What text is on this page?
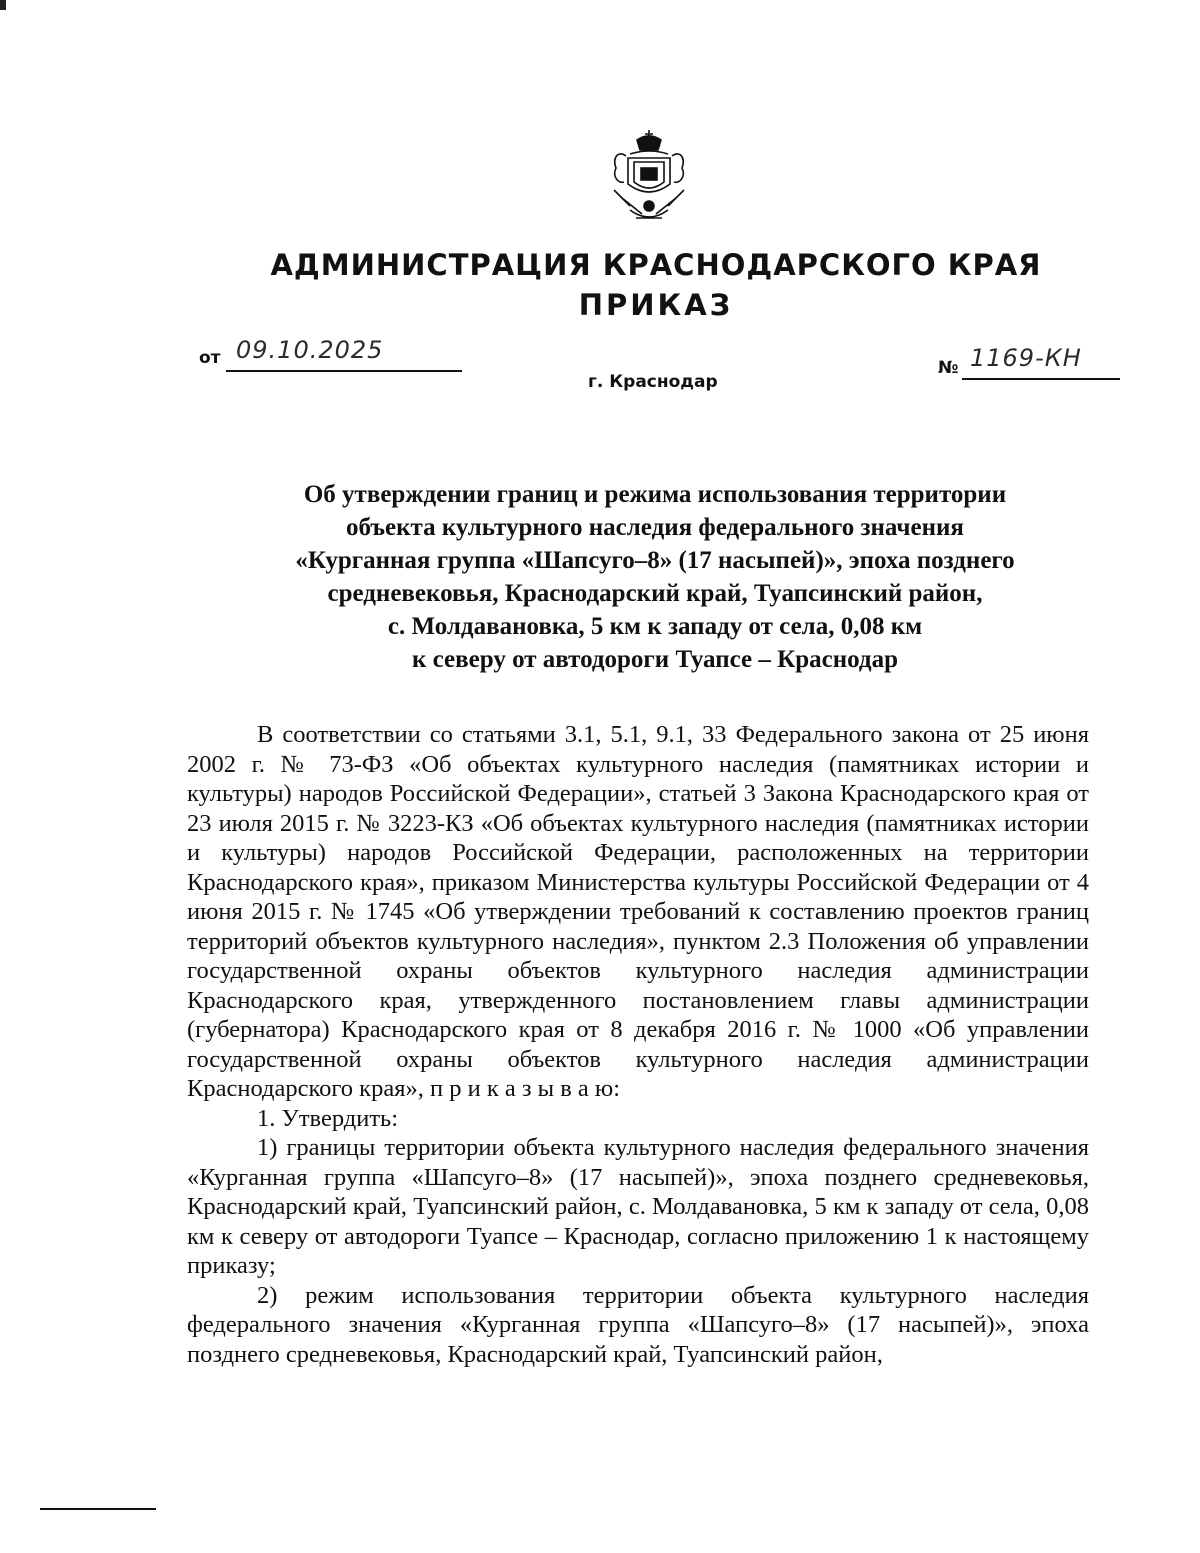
АДМИНИСТРАЦИЯ КРАСНОДАРСКОГО КРАЯ
ПРИКАЗ
от 09.10.2025
г. Краснодар
№ 1169-КН
Об утверждении границ и режима использования территории
объекта культурного наследия федерального значения
«Курганная группа «Шапсуго–8» (17 насыпей)», эпоха позднего
средневековья, Краснодарский край, Туапсинский район,
с. Молдавановка, 5 км к западу от села, 0,08 км
к северу от автодороги Туапсе – Краснодар

В соответствии со статьями 3.1, 5.1, 9.1, 33 Федерального закона от 25 июня 2002 г. № 73-ФЗ «Об объектах культурного наследия (памятниках истории и культуры) народов Российской Федерации», статьей 3 Закона Краснодарского края от 23 июля 2015 г. № 3223-КЗ «Об объектах культурного наследия (памятниках истории и культуры) народов Российской Федерации, расположенных на территории Краснодарского края», приказом Министерства культуры Российской Федерации от 4 июня 2015 г. № 1745 «Об утверждении требований к составлению проектов границ территорий объектов культурного наследия», пунктом 2.3 Положения об управлении государственной охраны объектов культурного наследия администрации Краснодарского края, утвержденного постановлением главы администрации (губернатора) Краснодарского края от 8 декабря 2016 г. № 1000 «Об управлении государственной охраны объектов культурного наследия администрации Краснодарского края», п р и к а з ы в а ю:

1. Утвердить:

1) границы территории объекта культурного наследия федерального значения «Курганная группа «Шапсуго–8» (17 насыпей)», эпоха позднего средневековья, Краснодарский край, Туапсинский район, с. Молдавановка, 5 км к западу от села, 0,08 км к северу от автодороги Туапсе – Краснодар, согласно приложению 1 к настоящему приказу;

2) режим использования территории объекта культурного наследия федерального значения «Курганная группа «Шапсуго–8» (17 насыпей)», эпоха позднего средневековья, Краснодарский край, Туапсинский район,
